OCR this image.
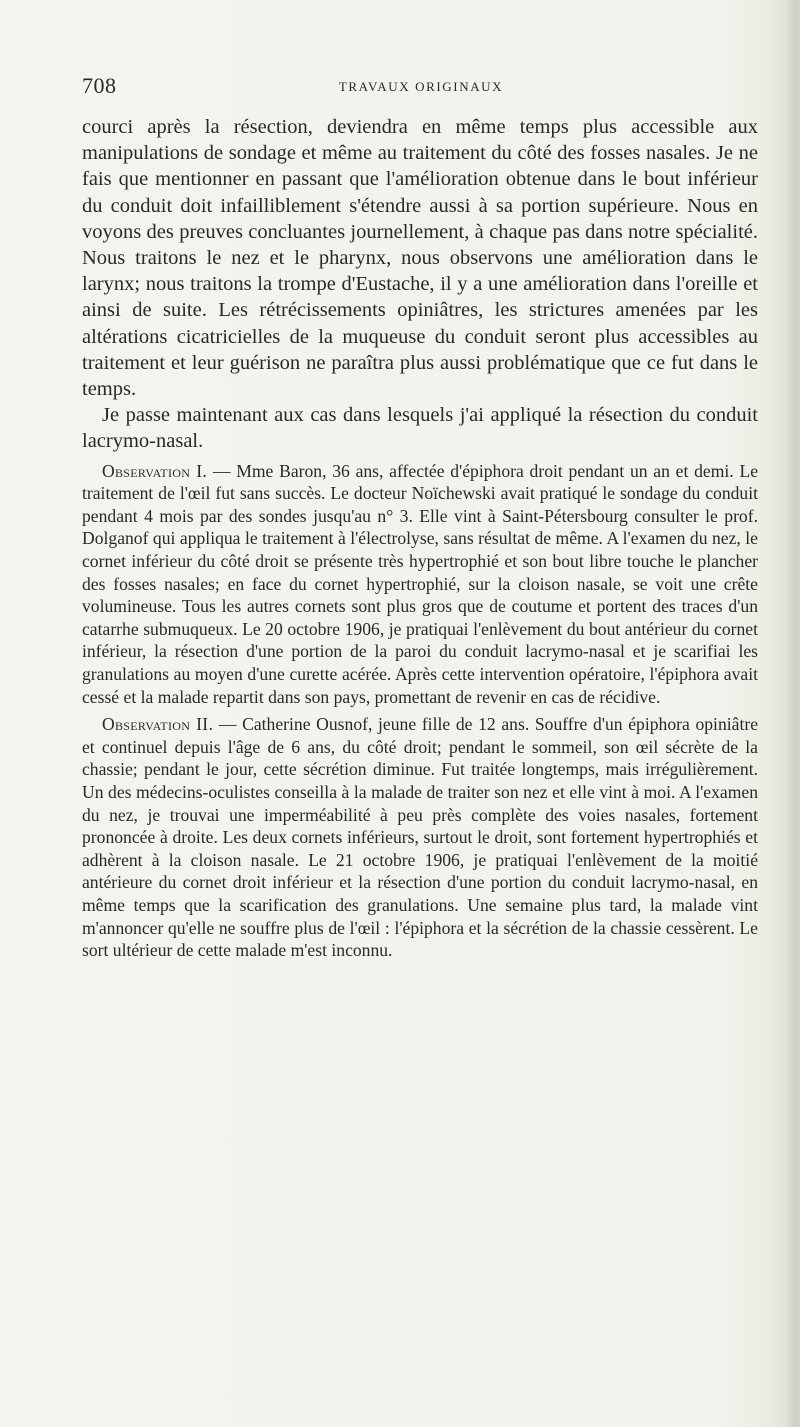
708	TRAVAUX ORIGINAUX

courci après la résection, deviendra en même temps plus accessible aux manipulations de sondage et même au traitement du côté des fosses nasales. Je ne fais que mentionner en passant que l'amélioration obtenue dans le bout inférieur du conduit doit infailliblement s'étendre aussi à sa portion supérieure. Nous en voyons des preuves concluantes journellement, à chaque pas dans notre spécialité. Nous traitons le nez et le pharynx, nous observons une amélioration dans le larynx; nous traitons la trompe d'Eustache, il y a une amélioration dans l'oreille et ainsi de suite. Les rétrécissements opiniâtres, les strictures amenées par les altérations cicatricielles de la muqueuse du conduit seront plus accessibles au traitement et leur guérison ne paraîtra plus aussi problématique que ce fut dans le temps.

Je passe maintenant aux cas dans lesquels j'ai appliqué la résection du conduit lacrymo-nasal.

Observation I. — Mme Baron, 36 ans, affectée d'épiphora droit pendant un an et demi. Le traitement de l'œil fut sans succès. Le docteur Noïchewski avait pratiqué le sondage du conduit pendant 4 mois par des sondes jusqu'au n° 3. Elle vint à Saint-Pétersbourg consulter le prof. Dolganof qui appliqua le traitement à l'électrolyse, sans résultat de même. A l'examen du nez, le cornet inférieur du côté droit se présente très hypertrophié et son bout libre touche le plancher des fosses nasales; en face du cornet hypertrophié, sur la cloison nasale, se voit une crête volumineuse. Tous les autres cornets sont plus gros que de coutume et portent des traces d'un catarrhe submuqueux. Le 20 octobre 1906, je pratiquai l'enlèvement du bout antérieur du cornet inférieur, la résection d'une portion de la paroi du conduit lacrymo-nasal et je scarifiai les granulations au moyen d'une curette acérée. Après cette intervention opératoire, l'épiphora avait cessé et la malade repartit dans son pays, promettant de revenir en cas de récidive.

Observation II. — Catherine Ousnof, jeune fille de 12 ans. Souffre d'un épiphora opiniâtre et continuel depuis l'âge de 6 ans, du côté droit; pendant le sommeil, son œil sécrète de la chassie; pendant le jour, cette sécrétion diminue. Fut traitée longtemps, mais irrégulièrement. Un des médecins-oculistes conseilla à la malade de traiter son nez et elle vint à moi. A l'examen du nez, je trouvai une imperméabilité à peu près complète des voies nasales, fortement prononcée à droite. Les deux cornets inférieurs, surtout le droit, sont fortement hypertrophiés et adhèrent à la cloison nasale. Le 21 octobre 1906, je pratiquai l'enlèvement de la moitié antérieure du cornet droit inférieur et la résection d'une portion du conduit lacrymo-nasal, en même temps que la scarification des granulations. Une semaine plus tard, la malade vint m'annoncer qu'elle ne souffre plus de l'œil : l'épiphora et la sécrétion de la chassie cessèrent. Le sort ultérieur de cette malade m'est inconnu.
